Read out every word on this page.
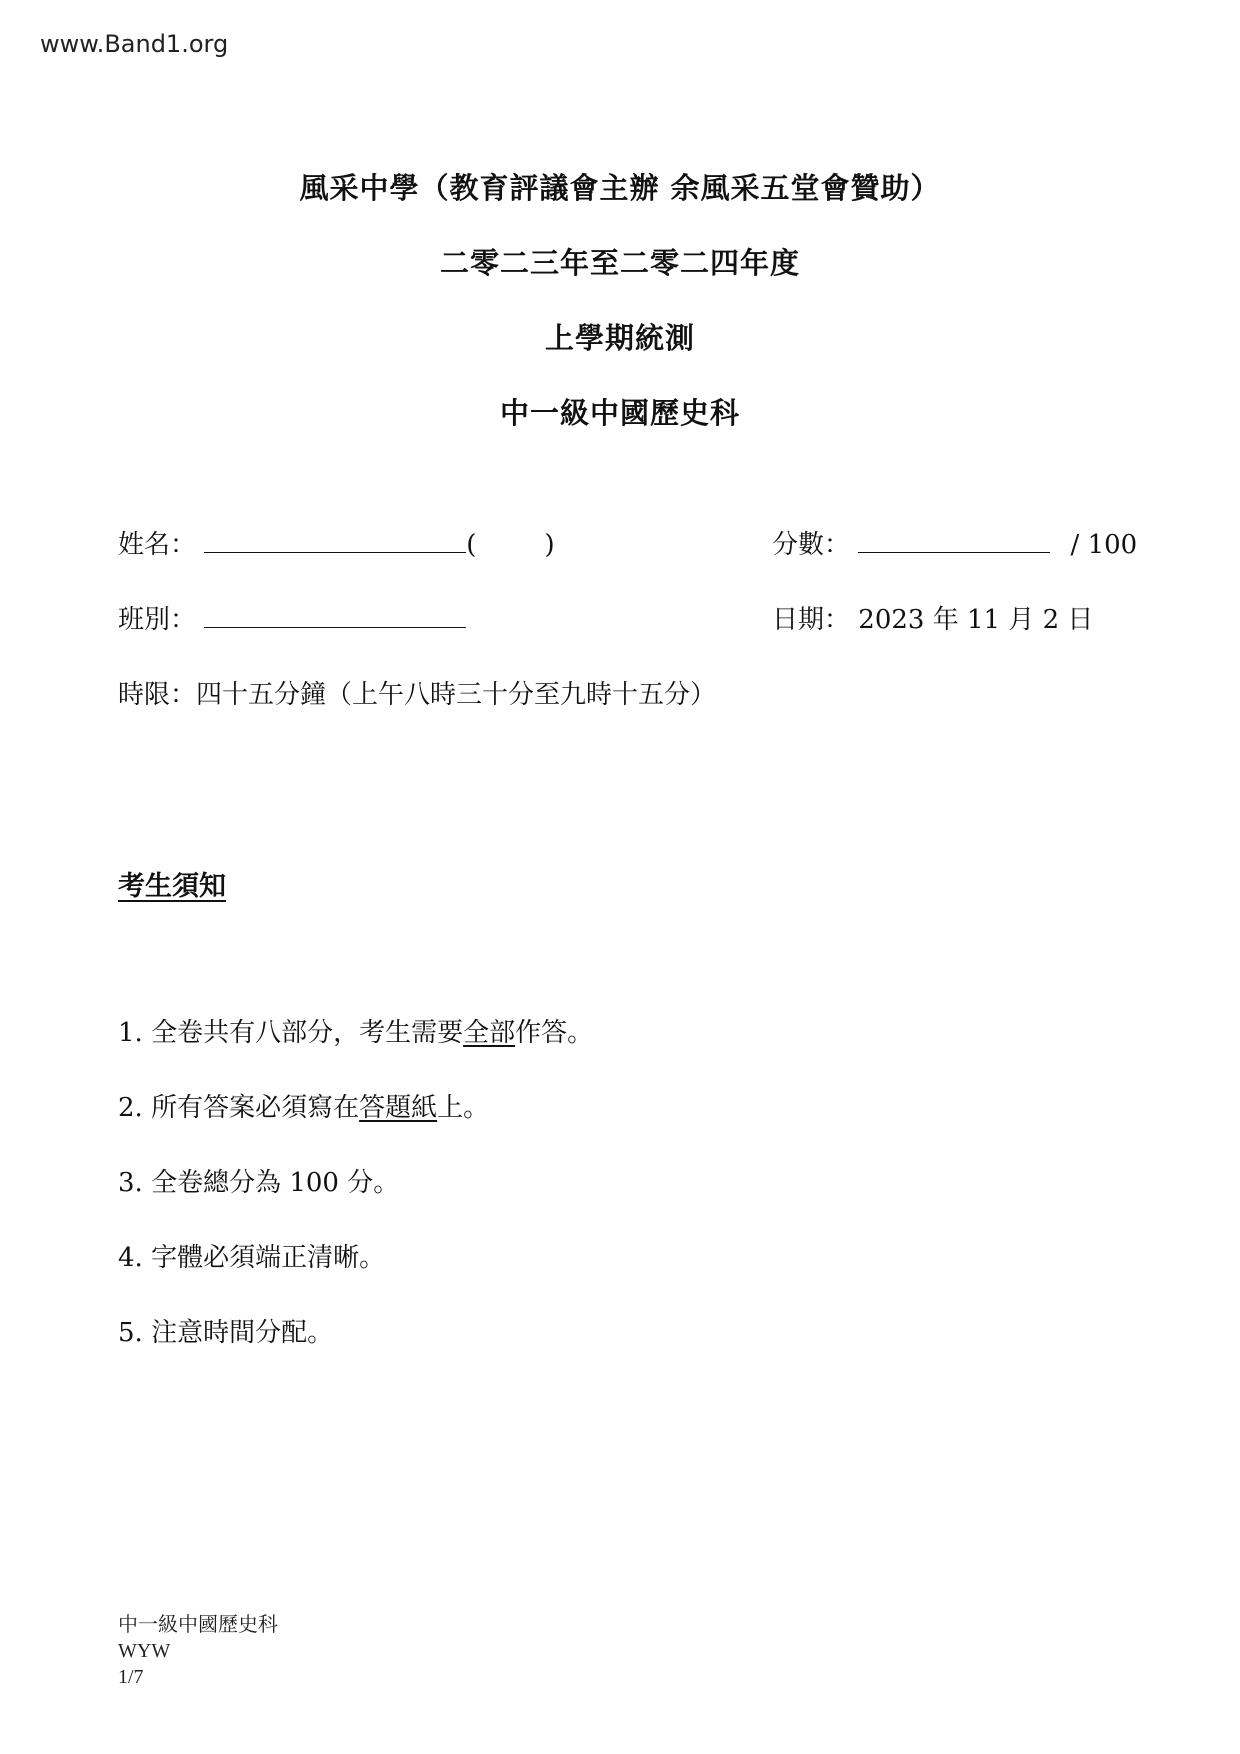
www.Band1.org
風采中學（教育評議會主辦 余風采五堂會贊助）
二零二三年至二零二四年度
上學期統測
中一級中國歷史科
姓名：	(	)	分數：	/ 100
班別：	日期： 2023 年 11 月 2 日
時限：四十五分鐘（上午八時三十分至九時十五分）
考生須知
1. 全卷共有八部分，考生需要全部作答。
2. 所有答案必須寫在答題紙上。
3. 全卷總分為 100 分。
4. 字體必須端正清晰。
5. 注意時間分配。
中一級中國歷史科
WYW
1/7
